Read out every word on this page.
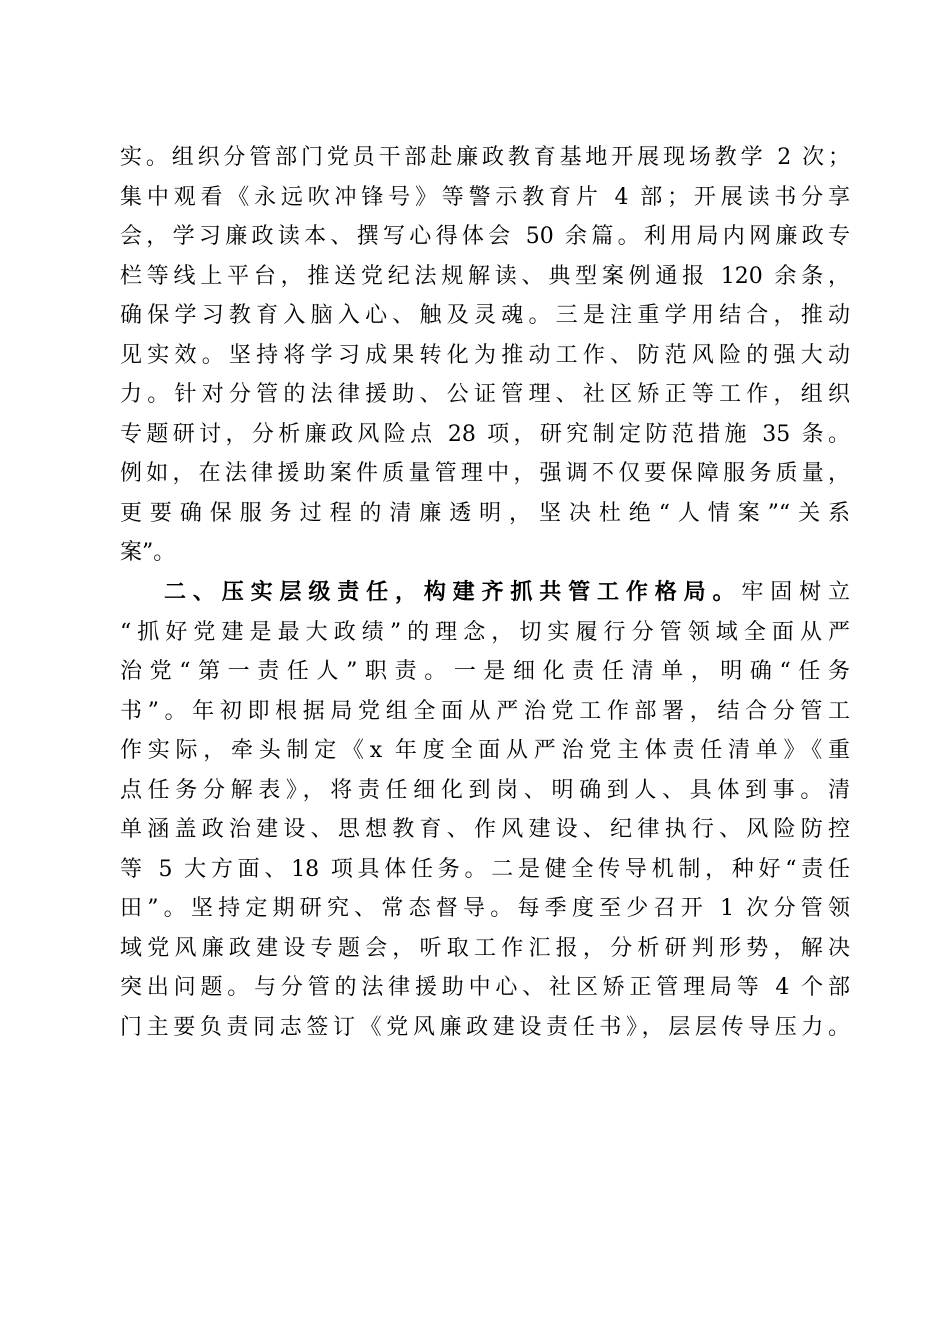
实。组织分管部门党员干部赴廉政教育基地开展现场教学 2 次；
集中观看《永远吹冲锋号》等警示教育片 4 部；开展读书分享
会，学习廉政读本、撰写心得体会 50 余篇。利用局内网廉政专
栏等线上平台，推送党纪法规解读、典型案例通报 120 余条，
确保学习教育入脑入心、触及灵魂。三是注重学用结合，推动
见实效。坚持将学习成果转化为推动工作、防范风险的强大动
力。针对分管的法律援助、公证管理、社区矫正等工作，组织
专题研讨，分析廉政风险点 28 项，研究制定防范措施 35 条。
例如，在法律援助案件质量管理中，强调不仅要保障服务质量，
更要确保服务过程的清廉透明，坚决杜绝“人情案”“关系
案”。
二、压实层级责任，构建齐抓共管工作格局。牢固树立
“抓好党建是最大政绩”的理念，切实履行分管领域全面从严
治党“第一责任人”职责。一是细化责任清单，明确“任务
书”。年初即根据局党组全面从严治党工作部署，结合分管工
作实际，牵头制定《x 年度全面从严治党主体责任清单》《重
点任务分解表》，将责任细化到岗、明确到人、具体到事。清
单涵盖政治建设、思想教育、作风建设、纪律执行、风险防控
等 5 大方面、18 项具体任务。二是健全传导机制，种好“责任
田”。坚持定期研究、常态督导。每季度至少召开 1 次分管领
域党风廉政建设专题会，听取工作汇报，分析研判形势，解决
突出问题。与分管的法律援助中心、社区矫正管理局等 4 个部
门主要负责同志签订《党风廉政建设责任书》，层层传导压力。
